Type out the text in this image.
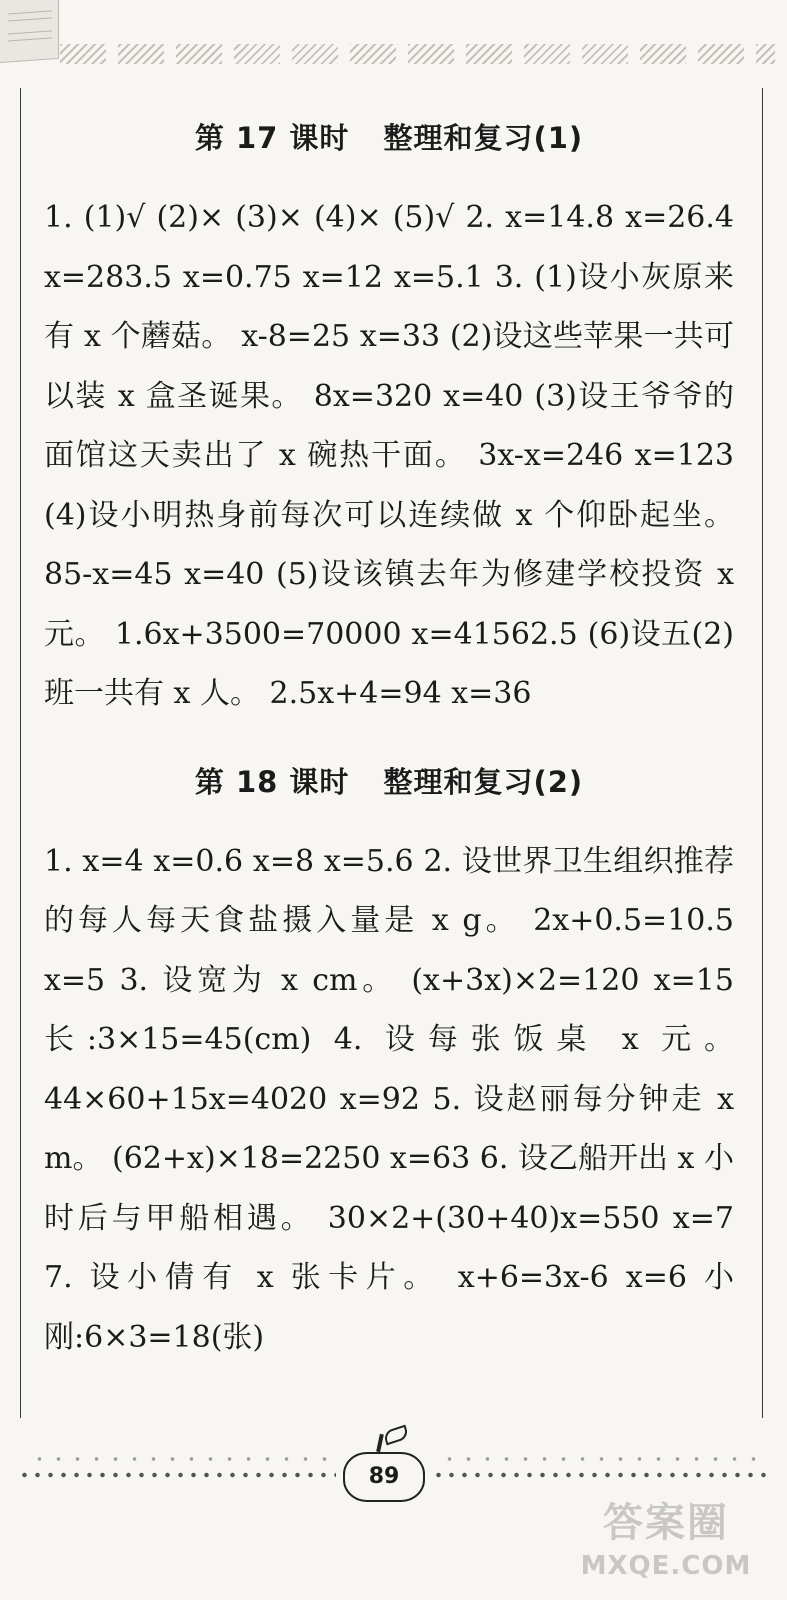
第 17 课时 整理和复习(1)

1. (1)√ (2)× (3)× (4)× (5)√ 2. x=14.8 x=26.4 x=283.5 x=0.75 x=12 x=5.1 3. (1)设小灰原来有 x 个蘑菇。 x-8=25 x=33 (2)设这些苹果一共可以装 x 盒圣诞果。 8x=320 x=40 (3)设王爷爷的面馆这天卖出了 x 碗热干面。 3x-x=246 x=123 (4)设小明热身前每次可以连续做 x 个仰卧起坐。 85-x=45 x=40 (5)设该镇去年为修建学校投资 x 元。 1.6x+3500=70000 x=41562.5 (6)设五(2)班一共有 x 人。 2.5x+4=94 x=36

第 18 课时 整理和复习(2)

1. x=4 x=0.6 x=8 x=5.6 2. 设世界卫生组织推荐的每人每天食盐摄入量是 x g。 2x+0.5=10.5 x=5 3. 设宽为 x cm。 (x+3x)×2=120 x=15 长:3×15=45(cm) 4. 设每张饭桌 x 元。 44×60+15x=4020 x=92 5. 设赵丽每分钟走 x m。 (62+x)×18=2250 x=63 6. 设乙船开出 x 小时后与甲船相遇。 30×2+(30+40)x=550 x=7 7. 设小倩有 x 张卡片。 x+6=3x-6 x=6 小刚:6×3=18(张)

89
答案圈
MXQE.COM
